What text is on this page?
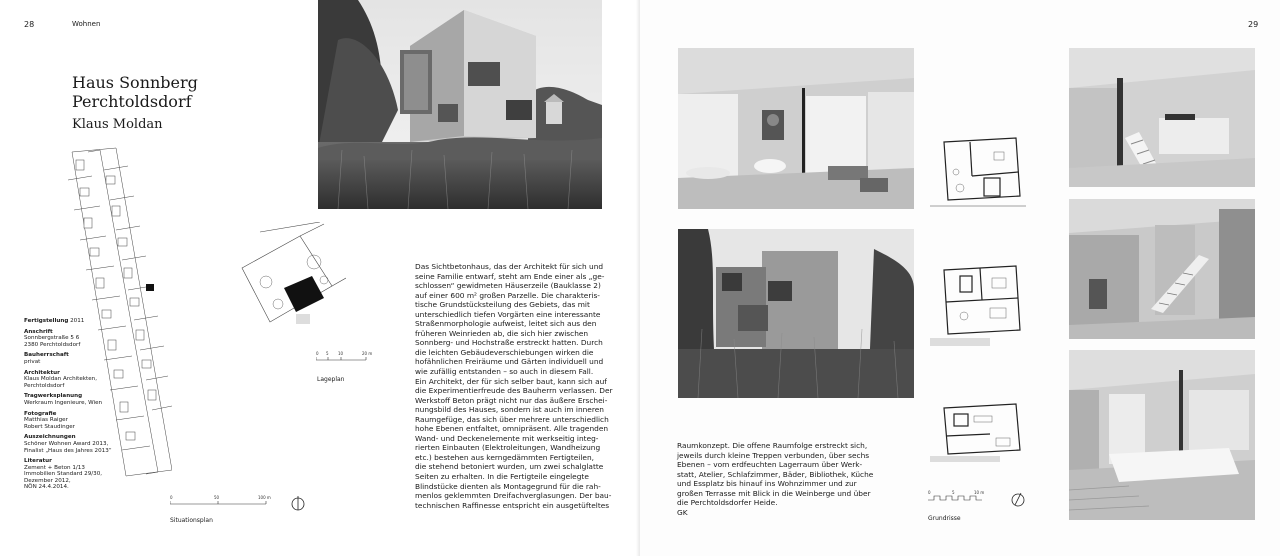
28	Wohnen
Haus Sonnberg
Perchtoldsdorf
Klaus Moldan
0 5 10	20 m
Lageplan
0	50	100 m
Situationsplan
Fertigstellung 2011
Anschrift
Sonnbergstraße 5 6
2380 Perchtoldsdorf
Bauherrschaft
privat
Architektur
Klaus Moldan Architekten,
Perchtoldsdorf
Tragwerksplanung
Werkraum Ingenieure, Wien
Fotografie
Matthias Raiger
Robert Staudinger
Auszeichnungen
Schöner Wohnen Award 2013,
Finalist „Haus des Jahres 2013“
Literatur
Zement + Beton 1/13
Immobilien Standard 29/30,
Dezember 2012,
NÖN 24.4.2014.
Das Sichtbetonhaus, das der Architekt für sich und
seine Familie entwarf, steht am Ende einer als „ge-
schlossen“ gewidmeten Häuserzeile (Bauklasse 2)
auf einer 600 m² großen Parzelle. Die charakteris-
tische Grundstücksteilung des Gebiets, das mit
unterschiedlich tiefen Vorgärten eine interessante
Straßenmorphologie aufweist, leitet sich aus den
früheren Weinrieden ab, die sich hier zwischen
Sonnberg- und Hochstraße erstreckt hatten. Durch
die leichten Gebäudeverschiebungen wirken die
hofähnlichen Freiräume und Gärten individuell und
wie zufällig entstanden – so auch in diesem Fall.
Ein Architekt, der für sich selber baut, kann sich auf
die Experimentierfreude des Bauherrn verlassen. Der
Werkstoff Beton prägt nicht nur das äußere Erschei-
nungsbild des Hauses, sondern ist auch im inneren
Raumgefüge, das sich über mehrere unterschiedlich
hohe Ebenen entfaltet, omnipräsent. Alle tragenden
Wand- und Deckenelemente mit werkseitig integ-
rierten Einbauten (Elektroleitungen, Wandheizung
etc.) bestehen aus kerngedämmten Fertigteilen,
die stehend betoniert wurden, um zwei schalglatte
Seiten zu erhalten. In die Fertigteile eingelegte
Blindstücke dienten als Montagegrund für die rah-
menlos geklemmten Dreifachverglasungen. Der bau-
technischen Raffinesse entspricht ein ausgetüfteltes
29
0	5	10 m
Grundrisse
Raumkonzept. Die offene Raumfolge erstreckt sich,
jeweils durch kleine Treppen verbunden, über sechs
Ebenen – vom erdfeuchten Lagerraum über Werk-
statt, Atelier, Schlafzimmer, Bäder, Bibliothek, Küche
und Essplatz bis hinauf ins Wohnzimmer und zur
großen Terrasse mit Blick in die Weinberge und über
die Perchtoldsdorfer Heide.
GK
